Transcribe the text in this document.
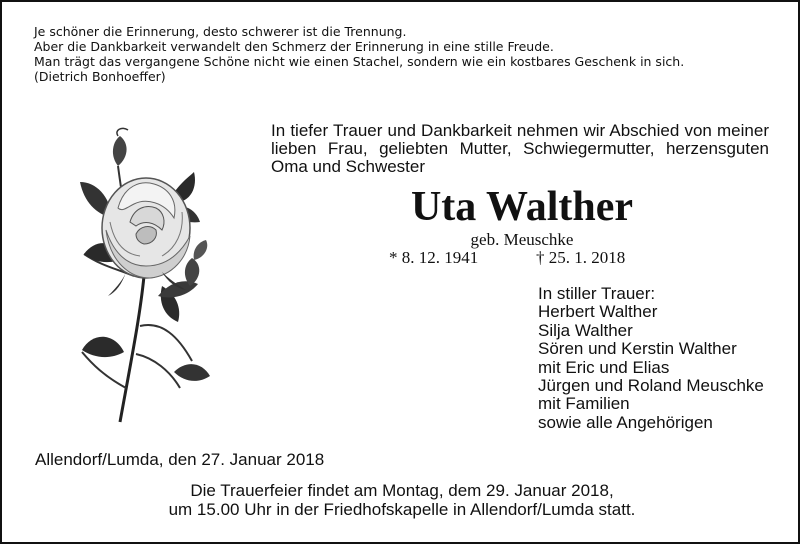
Je schöner die Erinnerung, desto schwerer ist die Trennung.
Aber die Dankbarkeit verwandelt den Schmerz der Erinnerung in eine stille Freude.
Man trägt das vergangene Schöne nicht wie einen Stachel, sondern wie ein kostbares Geschenk in sich.
(Dietrich Bonhoeffer)
In tiefer Trauer und Dankbarkeit nehmen wir Abschied von meiner lieben Frau, geliebten Mutter, Schwiegermutter, herzensguten Oma und Schwester
Uta Walther
geb. Meuschke
* 8. 12. 1941	† 25. 1. 2018
In stiller Trauer:
Herbert Walther
Silja Walther
Sören und Kerstin Walther
mit Eric und Elias
Jürgen und Roland Meuschke
mit Familien
sowie alle Angehörigen
Allendorf/Lumda, den 27. Januar 2018
Die Trauerfeier findet am Montag, dem 29. Januar 2018,
um 15.00 Uhr in der Friedhofskapelle in Allendorf/Lumda statt.
